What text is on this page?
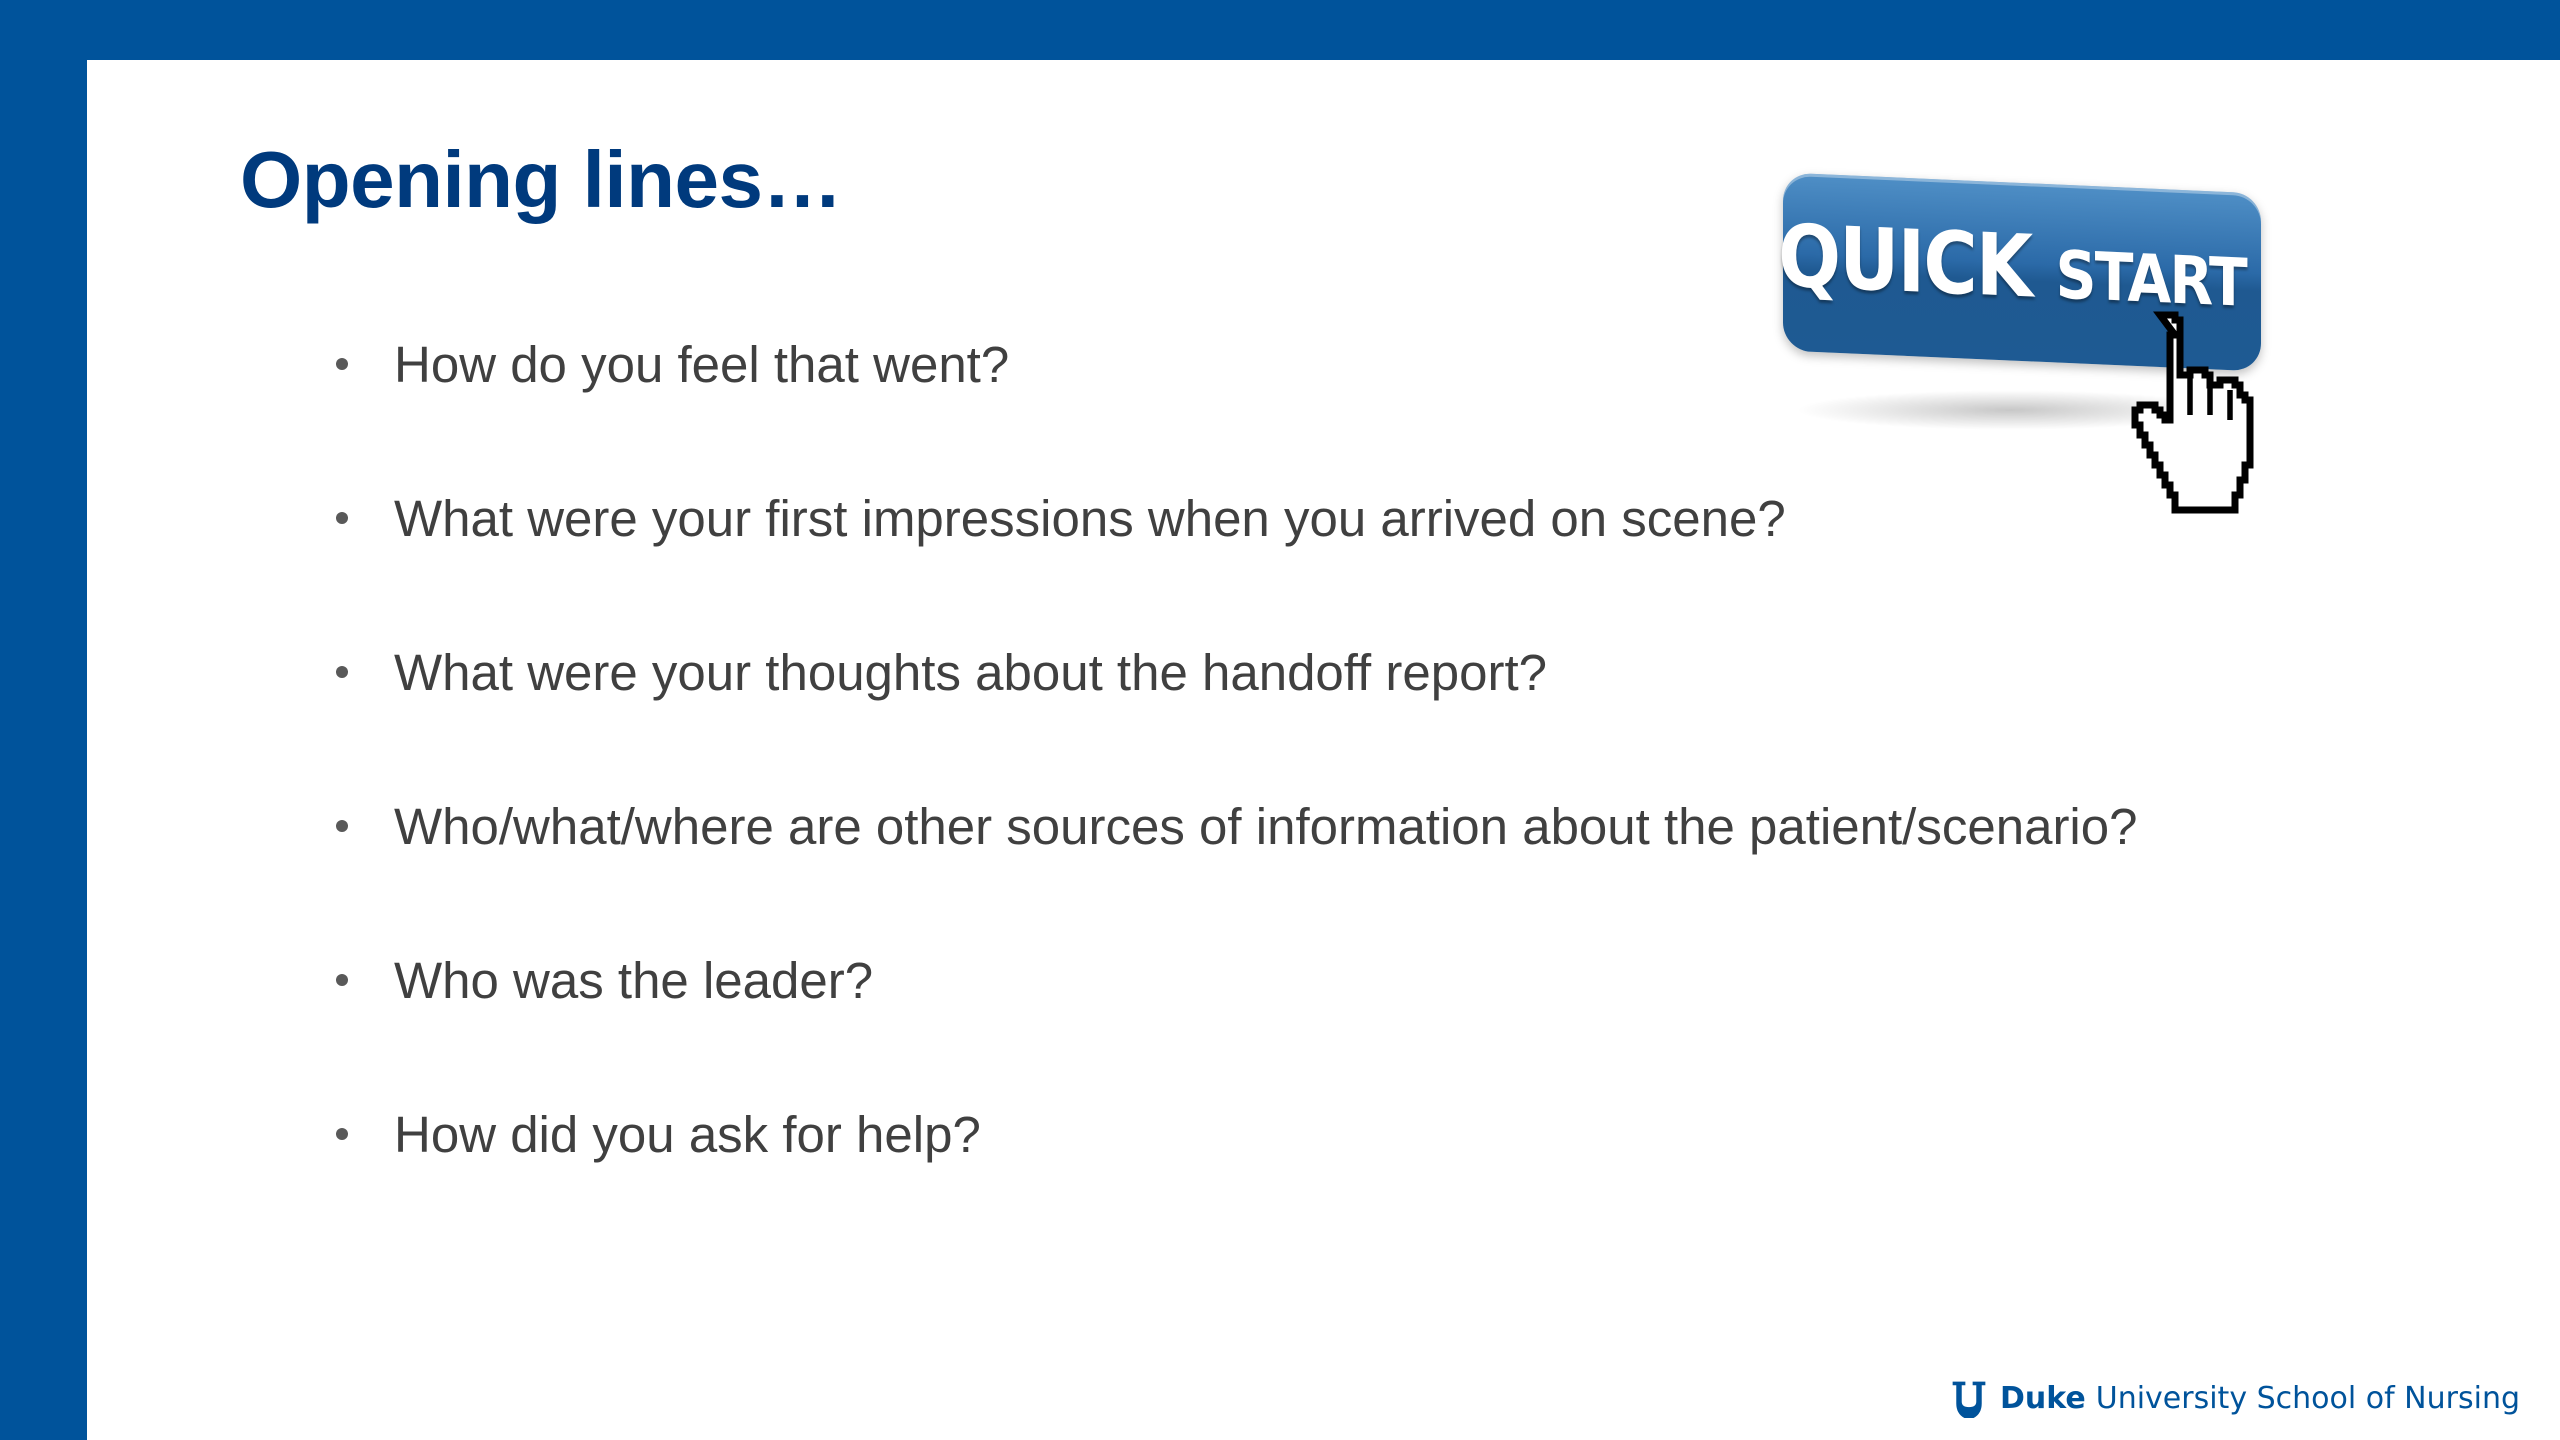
Opening lines…
How do you feel that went?
What were your first impressions when you arrived on scene?
What were your thoughts about the handoff report?
Who/what/where are other sources of information about the patient/scenario?
Who was the leader?
How did you ask for help?
QUICK START
Duke University School of Nursing
